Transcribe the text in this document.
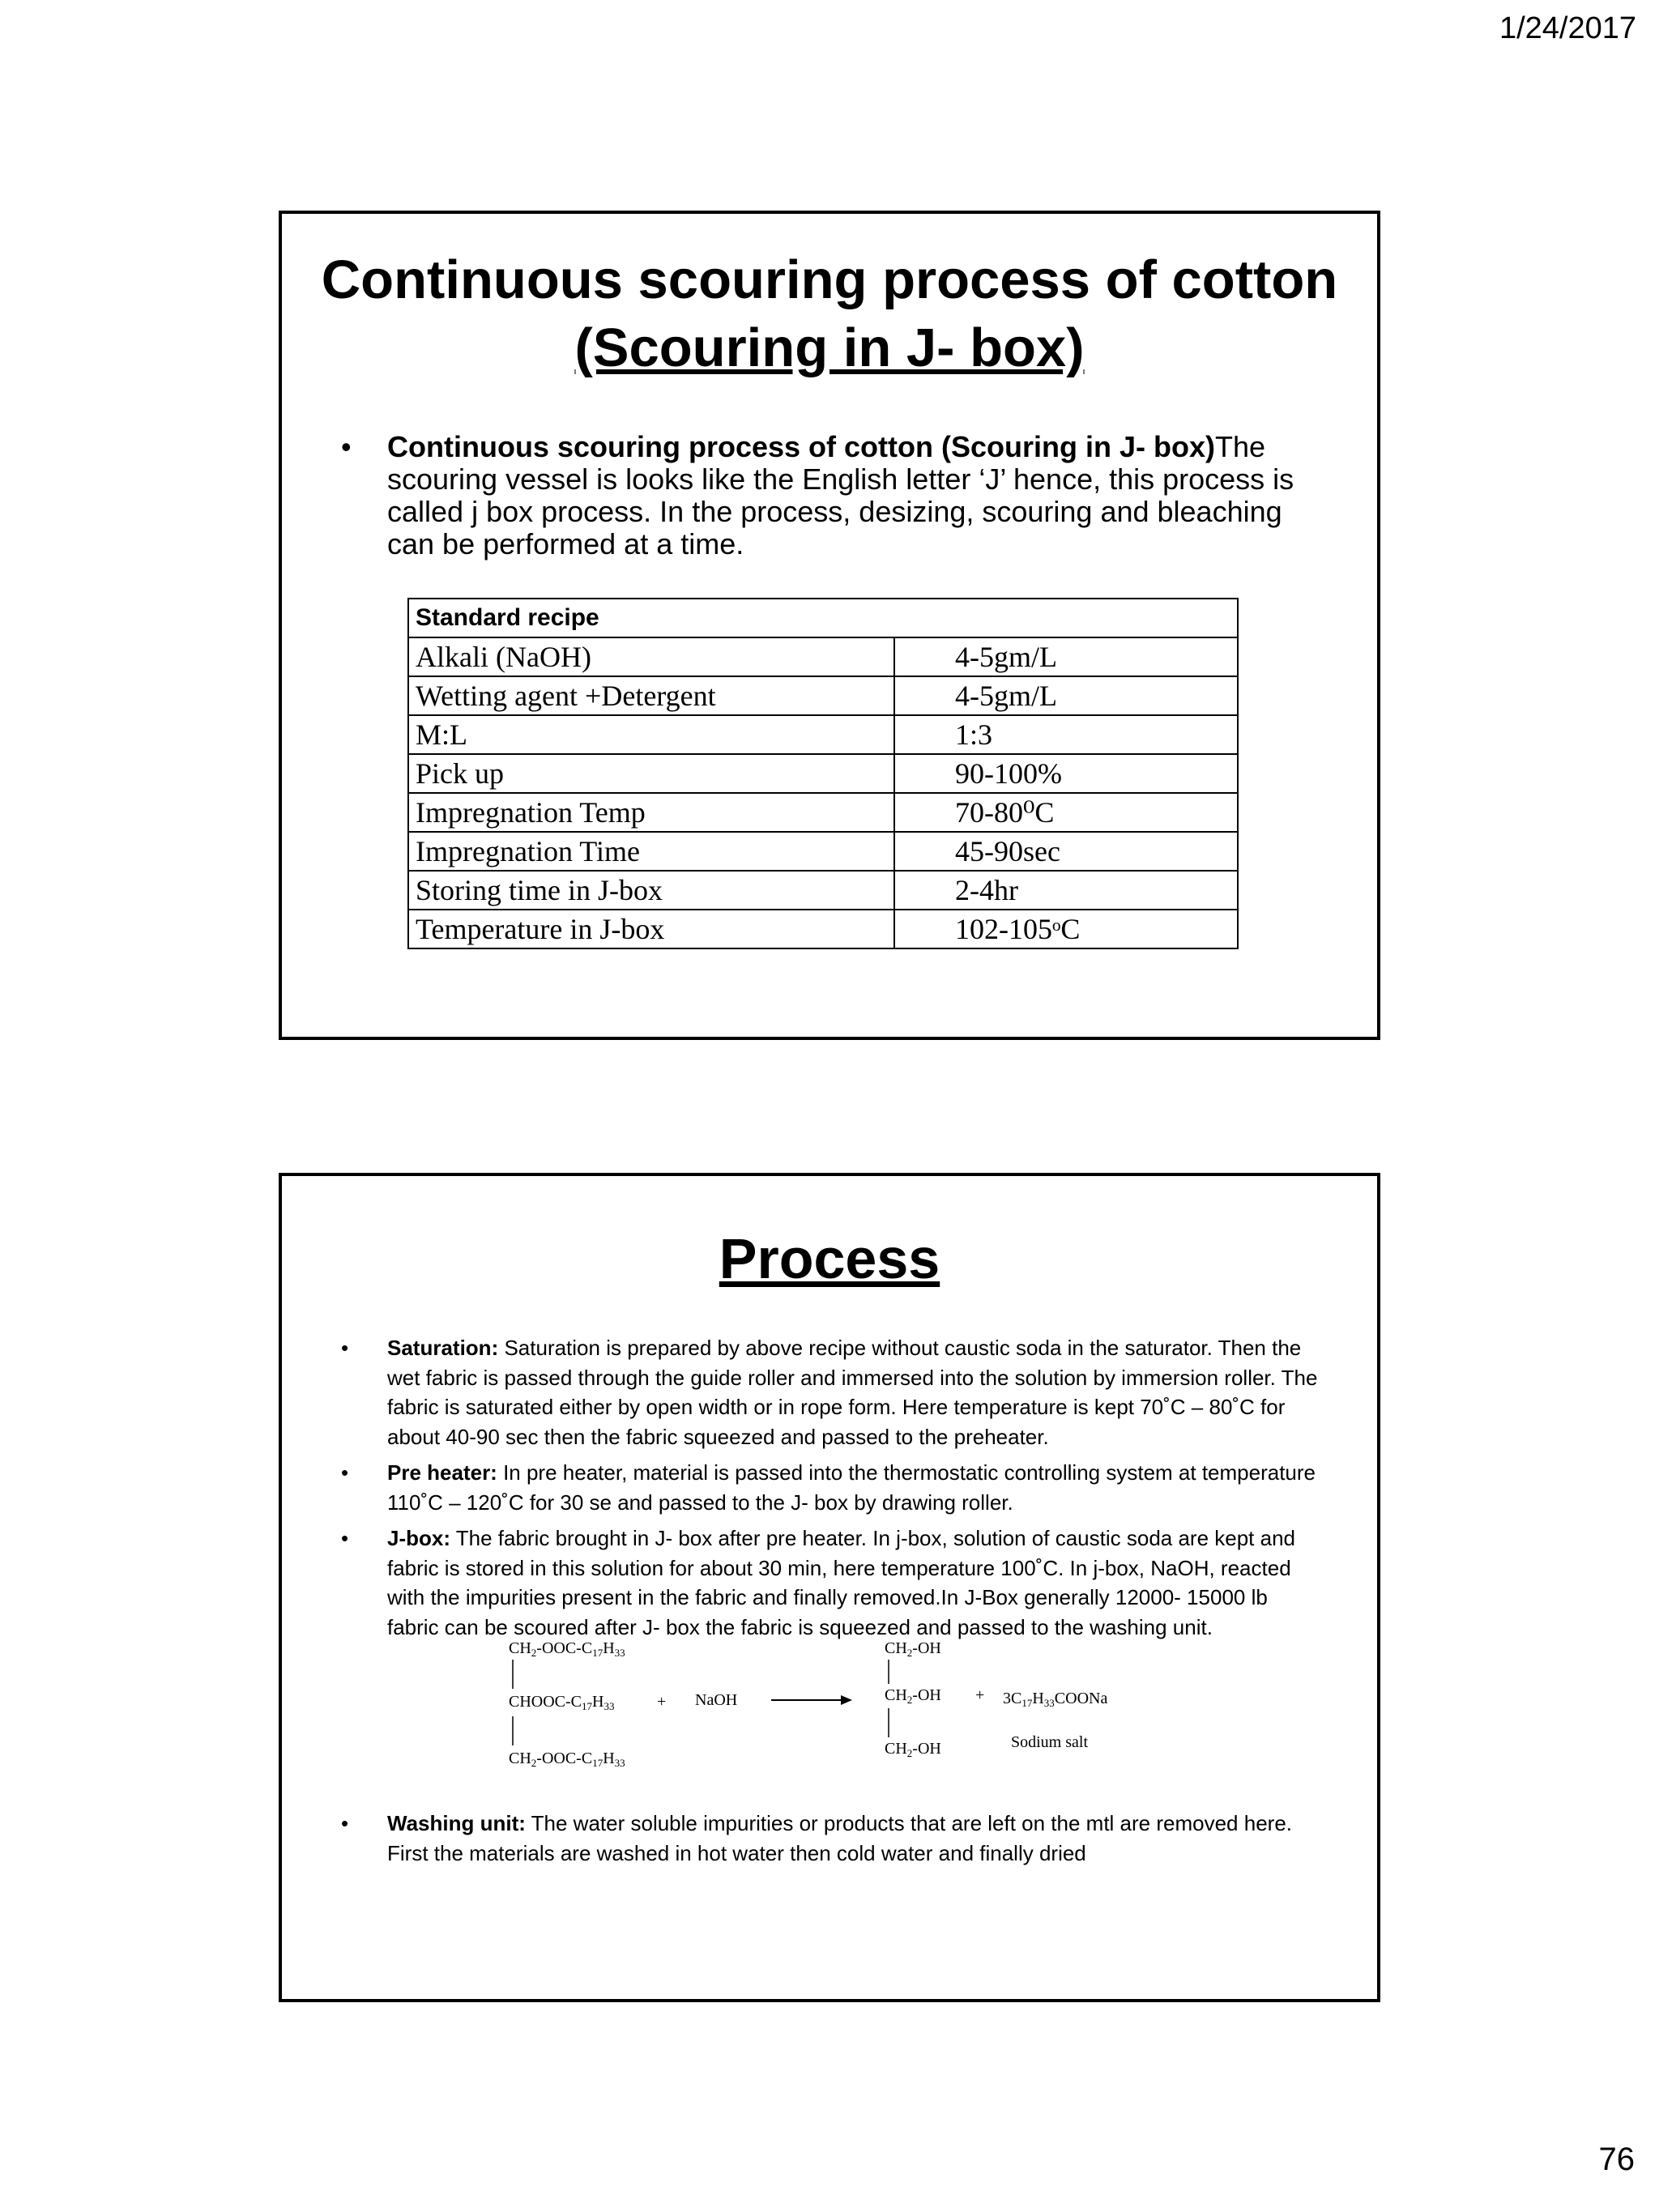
1/24/2017
Continuous scouring process of cotton

(Scouring in J- box)
• Continuous scouring process of cotton (Scouring in J- box)The scouring vessel is looks like the English letter ‘J’ hence, this process is called j box process. In the process, desizing, scouring and bleaching can be performed at a time.
Standard recipe	
Alkali (NaOH)	4-5gm/L
Wetting agent +Detergent	4-5gm/L
M:L	1:3
Pick up	90-100%
Impregnation Temp	70-80⁰C
Impregnation Time	45-90sec
Storing time in J-box	2-4hr
Temperature in J-box	102-105ᵒC
Process
• Saturation: Saturation is prepared by above recipe without caustic soda in the saturator. Then the wet fabric is passed through the guide roller and immersed into the solution by immersion roller. The fabric is saturated either by open width or in rope form. Here temperature is kept 70˚C – 80˚C for about 40-90 sec then the fabric squeezed and passed to the preheater.
• Pre heater: In pre heater, material is passed into the thermostatic controlling system at temperature 110˚C – 120˚C for 30 se and passed to the J- box by drawing roller.
• J-box: The fabric brought in J- box after pre heater. In j-box, solution of caustic soda are kept and fabric is stored in this solution for about 30 min, here temperature 100˚C. In j-box, NaOH, reacted with the impurities present in the fabric and finally removed.In J-Box generally 12000- 15000 lb fabric can be scoured after J- box the fabric is squeezed and passed to the washing unit.
$CH_2-OOC-C_{17}H_{33}$
CHOOC-$C_{17}H_{33}$
$CH_2-OOC-C_{17}H_{33}$
+ NaOH
$CH_2-OH$
$CH_2-OH$
$CH_2-OH$
+ $3C_{17}H_{33}COONa$
Sodium salt
• Washing unit: The water soluble impurities or products that are left on the mtl are removed here. First the materials are washed in hot water then cold water and finally dried
76
